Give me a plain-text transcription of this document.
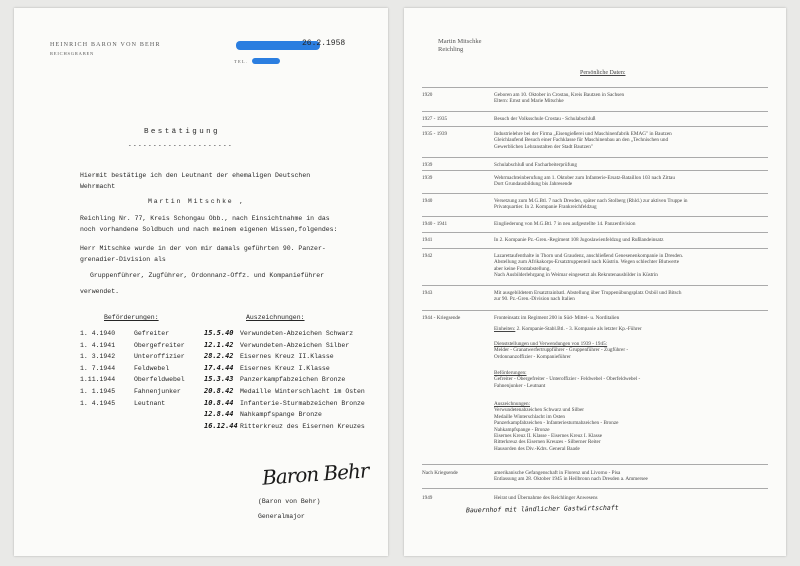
HEINRICH BARON VON BEHR
REICHSGRABEN
26.2.1958
TEL.
Bestätigung
---------------------
Hiermit bestätige ich den Leutnant der ehemaligen Deutschen
Wehrmacht
Martin Mitschke ,
Reichling Nr. 77, Kreis Schongau Obb., nach Einsichtnahme in das
noch vorhandene Soldbuch und nach meinem eigenen Wissen,folgendes:
Herr Mitschke wurde in der von mir damals geführten 90. Panzer-
grenadier-Division als
Gruppenführer, Zugführer, Ordonnanz-Offz. und Kompanieführer
verwendet.
Beförderungen:	Auszeichnungen:
1. 4.1940	Gefreiter
1. 4.1941	Obergefreiter
1. 3.1942	Unteroffizier
1. 7.1944	Feldwebel
1.11.1944	Oberfeldwebel
1. 1.1945	Fahnenjunker
1. 4.1945	Leutnant
15.5.40 Verwundeten-Abzeichen Schwarz
12.1.42 Verwundeten-Abzeichen Silber
28.2.42 Eisernes Kreuz II.Klasse
17.4.44 Eisernes Kreuz I.Klasse
15.3.43 Panzerkampfabzeichen Bronze
20.8.42 Medaille Winterschlacht im Osten
10.8.44 Infanterie-Sturmabzeichen Bronze
12.8.44 Nahkampfspange Bronze
16.12.44 Ritterkreuz des Eisernen Kreuzes
Baron Behr
(Baron von Behr)
Generalmajor
Martin Mitschke
Reichling
Persönliche Daten:
1920	Geboren am 10. Oktober in Crostau, Kreis Bautzen in Sachsen
Eltern: Ernst und Marie Mitschke
1927 - 1935	Besuch der Volksschule Crostau - Schulabschluß
1935 - 1939	Industrielehre bei der Firma „Eisengießerei und Maschinenfabrik EMAG" in Bautzen
Gleichlaufend Besuch einer Fachklasse für Maschinenbau an den „Technischen und
Gewerblichen Lehranstalten der Stadt Bautzen"
1939	Schulabschluß und Facharbeiterprüfung
1939	Wehrmachteinberufung am 1. Oktober zum Infanterie-Ersatz-Bataillon 103 nach Zittau
Dort Grundausbildung bis Jahresende
1940	Versetzung zum M.G.Btl. 7 nach Dresden, später nach Stolberg (Rhld.) zur aktiven Truppe in
Privatquartier. In 2. Kompanie Frankreichfeldzug
1940 - 1941	Eingliederung von M.G.Btl. 7 in neu aufgestellte 14. Panzerdivision
1941	In 2. Kompanie Pz.-Gren.-Regiment 108 Jugoslawienfeldzug und Rußlandeinsatz
1942	Lazarettaufenthalte in Thorn und Graudenz, anschließend Genesenenkompanie in Dresden.
Abstellung zum Afrikakorps-Ersatztruppenteil nach Küstrin. Wegen schlechter Blutwerte
aber keine Frontabstellung.
Nach Ausbilderlehrgang in Weimar eingesetzt als Rekrutenausbilder in Küstrin
1943	Mit ausgebildetem Ersatztrainbatl. Abstellung über Truppenübungsplatz Oxböl und Bitsch
zur 90. Pz.-Gren.-Division nach Italien
1944 - Kriegsende	Fronteinsatz im Regiment 200 in Süd- Mittel- u. Norditalien
Einheiten: 2. Kompanie-Stabl.Btl. - 3. Kompanie als letzter Kp.-Führer
Dienststellungen und Verwendungen von 1939 - 1945:
Melder - Granatwerfertruppführer - Gruppenführer - Zugführer -
Ordonnanzoffizier - Kompanieführer
Beförderungen:
Gefreiter - Obergefreiter - Unteroffizier - Feldwebel - Oberfeldwebel -
Fahnenjunker - Leutnant
Auszeichnungen:
Verwundetenabzeichen Schwarz und Silber
Medaille Winterschlacht im Osten
Panzerkampfabzeichen - Infanteriesturmabzeichen - Bronze
Nahkampfspange - Bronze
Eisernes Kreuz II. Klasse - Eisernes Kreuz I. Klasse
Ritterkreuz des Eisernen Kreuzes - Silberner Reiter
Hausorden des Div.-Kdrs. General Baade
Nach Kriegsende	amerikanische Gefangenschaft in Florenz und Livorno - Pisa
Entlassung am 28. Oktober 1945 in Heilbronn nach Dresden a. Ammersee
1949	Heirat und Übernahme des Reichlinger Anwesens
Bauernhof mit ländlicher Gastwirtschaft
